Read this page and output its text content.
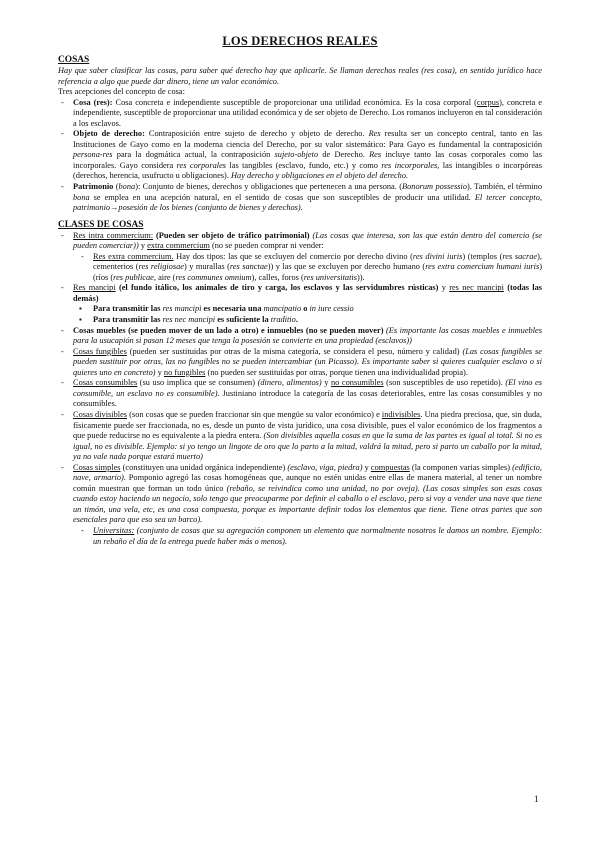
LOS DERECHOS REALES
COSAS

Hay que saber clasificar las cosas, para saber qué derecho hay que aplicarle. Se llaman derechos reales (res cosa), en sentido jurídico hace referencia a algo que puede dar dinero, tiene un valor económico.

Tres acepciones del concepto de cosa:

- Cosa (res): Cosa concreta e independiente susceptible de proporcionar una utilidad económica. Es la cosa corporal (corpus), concreta e independiente, susceptible de proporcionar una utilidad económica y de ser objeto de Derecho. Los romanos incluyeron en tal consideración a los esclavos.
- Objeto de derecho: Contraposición entre sujeto de derecho y objeto de derecho. Res resulta ser un concepto central, tanto en las Instituciones de Gayo como en la moderna ciencia del Derecho, por su valor sistemático: Para Gayo es fundamental la contraposición persona-res para la dogmática actual, la contraposición sujeto-objeto de Derecho. Res incluye tanto las cosas corporales como las incorporales. Gayo considera res corporales las tangibles (esclavo, fundo, etc.) y como res incorporales, las intangibles o incorpóreas (derechos, herencia, usufructo u obligaciones). Hay derecho y obligaciones en el objeto del derecho.
- Patrimonio (bona): Conjunto de bienes, derechos y obligaciones que pertenecen a una persona. (Bonorum possessio). También, el término bona se emplea en una acepción natural, en el sentido de cosas que son susceptibles de producir una utilidad. El tercer concepto, patrimonio→posesión de los bienes (conjunto de bienes y derechos).
CLASES DE COSAS
- Res intra commercium: (Pueden ser objeto de tráfico patrimonial) (Las cosas que interesa, son las que están dentro del comercio (se pueden comerciar)) y extra commercium (no se pueden comprar ni vender:
- Res extra commercium. Hay dos tipos: las que se excluyen del comercio por derecho divino (res divini iuris) (templos (res sacrae), cementerios (res religiosae) y murallas (res sanctae)) y las que se excluyen por derecho humano (res extra comercium humani iuris) (ríos (res publicae, aire (res communes omnium), calles, foros (res universitatis)).
- Res mancipi (el fundo itálico, los animales de tiro y carga, los esclavos y las servidumbres rústicas) y res nec mancipi (todas las demás)
▪ Para transmitir las res mancipi es necesaria una mancipatio o in iure cessio
▪ Para transmitir las res nec mancipi es suficiente la traditio.
- Cosas muebles (se pueden mover de un lado a otro) e inmuebles (no se pueden mover) (Es importante las cosas muebles e inmuebles para la usucapión si pasan 12 meses que tenga la posesión se convierte en una propiedad (esclavos))
- Cosas fungibles (pueden ser sustituidas por otras de la misma categoría, se considera el peso, número y calidad) (Las cosas fungibles se pueden sustituir por otras, las no fungibles no se pueden intercambiar (un Picasso). Es importante saber si quieres cualquier esclavo o si quieres uno en concreto) y no fungibles (no pueden ser sustituidas por otras, porque tienen una individualidad propia).
- Cosas consumibles (su uso implica que se consumen) (dinero, alimentos) y no consumibles (son susceptibles de uso repetido). (El vino es consumible, un esclavo no es consumible). Justiniano introduce la categoría de las cosas deteriorables, entre las cosas consumibles y no consumibles.
- Cosas divisibles (son cosas que se pueden fraccionar sin que mengüe su valor económico) e indivisibles. Una piedra preciosa, que, sin duda, físicamente puede ser fraccionada, no es, desde un punto de vista jurídico, una cosa divisible, pues el valor económico de los fragmentos a que puede reducirse no es equivalente a la piedra entera. (Son divisibles aquella cosas en que la suma de las partes es igual al total. Si no es igual, no es divisible. Ejemplo: si yo tengo un lingote de oro que lo parto a la mitad, valdrá la mitad, pero si parto un caballo por la mitad, ya no vale nada porque estará muerto)
- Cosas simples (constituyen una unidad orgánica independiente) (esclavo, viga, piedra) y compuestas (la componen varias simples) (edificio, nave, armario). Pomponio agregó las cosas homogéneas que, aunque no estén unidas entre ellas de manera material, al tener un nombre común muestran que forman un todo único (rebaño, se reivindica como una unidad, no por oveja). (Las cosas simples son esas cosas cuando estoy haciendo un negocio, solo tengo que preocuparme por definir el caballo o el esclavo, pero si voy a vender una nave que tiene un timón, una vela, etc, es una cosa compuesta, porque es importante definir todos los elementos que tiene. Tiene otras partes que son esenciales para que eso sea un barco).
- Universitas: (conjunto de cosas que su agregación componen un elemento que normalmente nosotros le damos un nombre. Ejemplo: un rebaño el día de la entrega puede haber más o menos).
1
